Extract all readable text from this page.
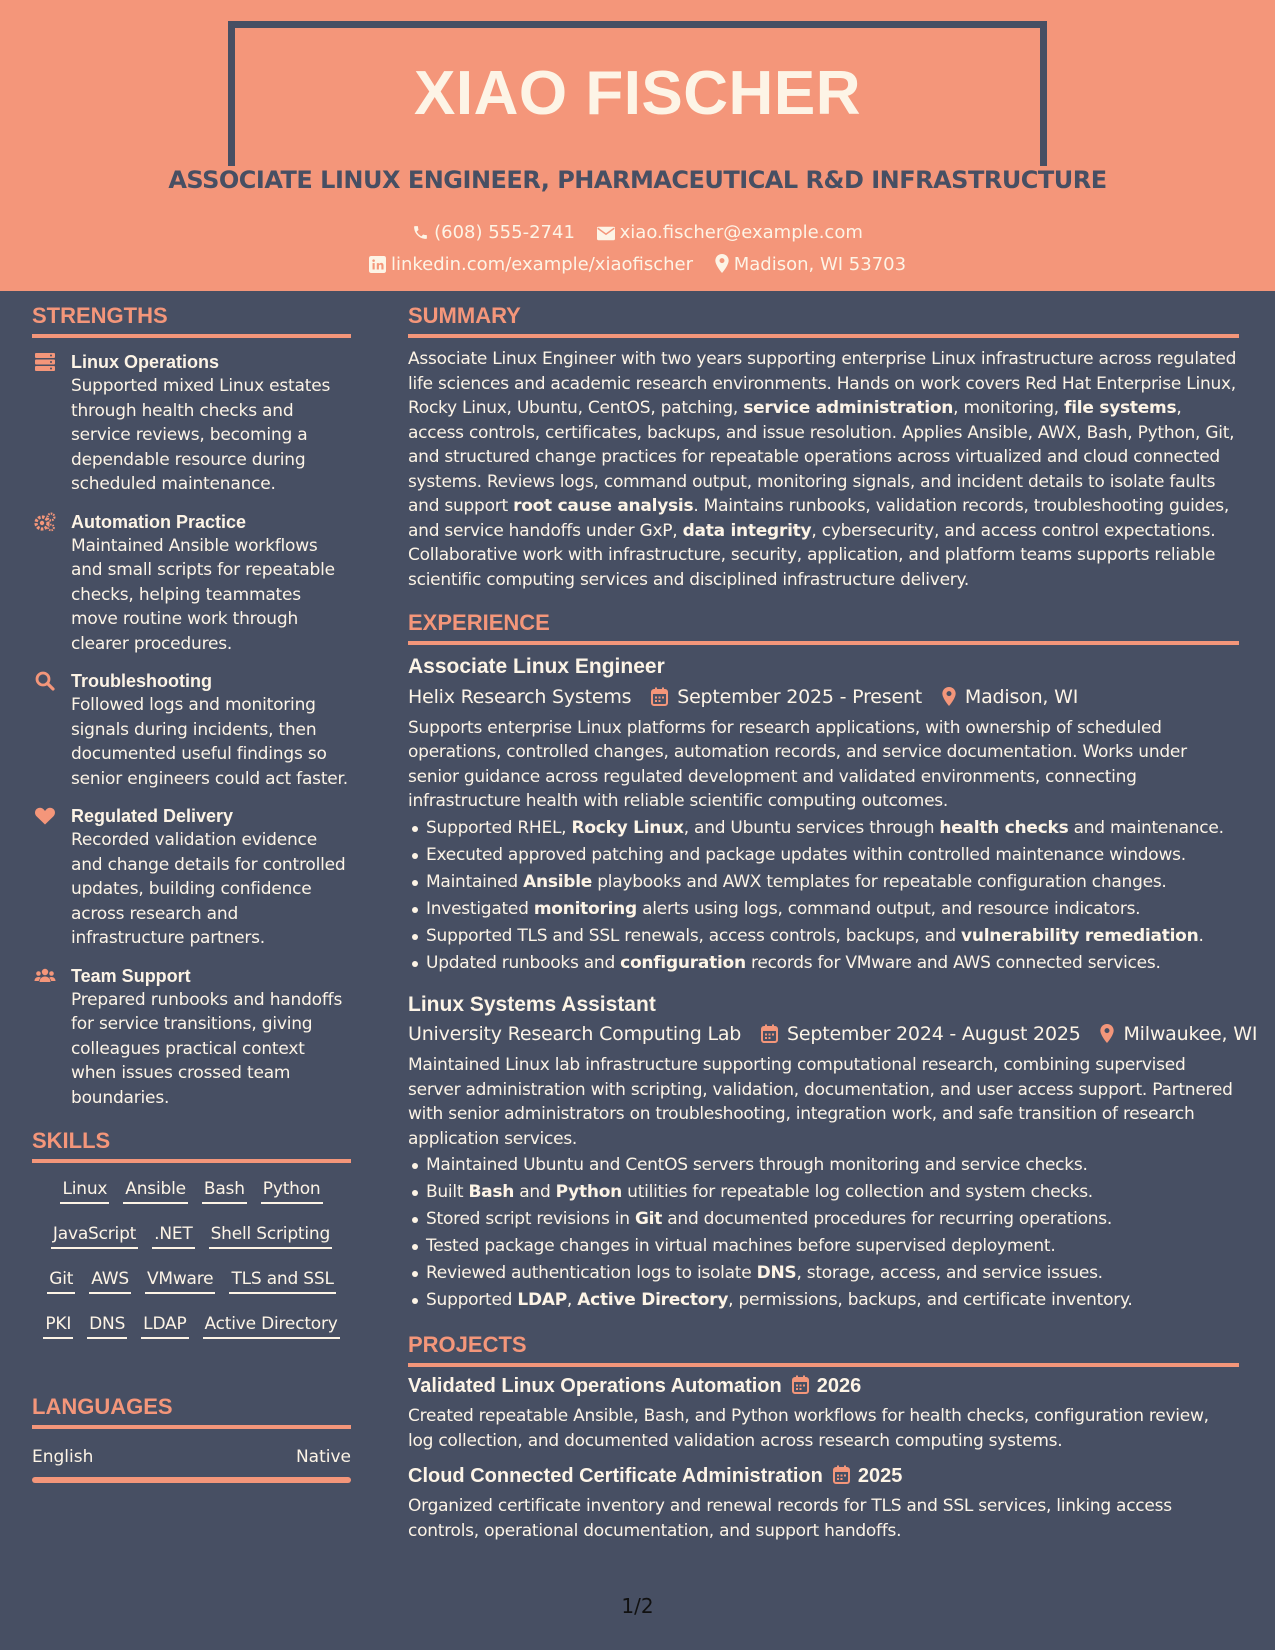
XIAO FISCHER
ASSOCIATE LINUX ENGINEER, PHARMACEUTICAL R&D INFRASTRUCTURE
(608) 555-2741 xiao.fischer@example.com
linkedin.com/example/xiaofischer Madison, WI 53703
STRENGTHS
Linux Operations
Supported mixed Linux estates through health checks and service reviews, becoming a dependable resource during scheduled maintenance.
Automation Practice
Maintained Ansible workflows and small scripts for repeatable checks, helping teammates move routine work through clearer procedures.
Troubleshooting
Followed logs and monitoring signals during incidents, then documented useful findings so senior engineers could act faster.
Regulated Delivery
Recorded validation evidence and change details for controlled updates, building confidence across research and infrastructure partners.
Team Support
Prepared runbooks and handoffs for service transitions, giving colleagues practical context when issues crossed team boundaries.
SKILLS
Linux Ansible Bash Python
JavaScript .NET Shell Scripting
Git AWS VMware TLS and SSL
PKI DNS LDAP Active Directory
LANGUAGES
English	Native
SUMMARY
Associate Linux Engineer with two years supporting enterprise Linux infrastructure across regulated life sciences and academic research environments. Hands on work covers Red Hat Enterprise Linux, Rocky Linux, Ubuntu, CentOS, patching, service administration, monitoring, file systems, access controls, certificates, backups, and issue resolution. Applies Ansible, AWX, Bash, Python, Git, and structured change practices for repeatable operations across virtualized and cloud connected systems. Reviews logs, command output, monitoring signals, and incident details to isolate faults and support root cause analysis. Maintains runbooks, validation records, troubleshooting guides, and service handoffs under GxP, data integrity, cybersecurity, and access control expectations. Collaborative work with infrastructure, security, application, and platform teams supports reliable scientific computing services and disciplined infrastructure delivery.
EXPERIENCE
Associate Linux Engineer
Helix Research Systems September 2025 - Present Madison, WI
Supports enterprise Linux platforms for research applications, with ownership of scheduled operations, controlled changes, automation records, and service documentation. Works under senior guidance across regulated development and validated environments, connecting infrastructure health with reliable scientific computing outcomes.
Supported RHEL, Rocky Linux, and Ubuntu services through health checks and maintenance.
Executed approved patching and package updates within controlled maintenance windows.
Maintained Ansible playbooks and AWX templates for repeatable configuration changes.
Investigated monitoring alerts using logs, command output, and resource indicators.
Supported TLS and SSL renewals, access controls, backups, and vulnerability remediation.
Updated runbooks and configuration records for VMware and AWS connected services.
Linux Systems Assistant
University Research Computing Lab September 2024 - August 2025 Milwaukee, WI
Maintained Linux lab infrastructure supporting computational research, combining supervised server administration with scripting, validation, documentation, and user access support. Partnered with senior administrators on troubleshooting, integration work, and safe transition of research application services.
Maintained Ubuntu and CentOS servers through monitoring and service checks.
Built Bash and Python utilities for repeatable log collection and system checks.
Stored script revisions in Git and documented procedures for recurring operations.
Tested package changes in virtual machines before supervised deployment.
Reviewed authentication logs to isolate DNS, storage, access, and service issues.
Supported LDAP, Active Directory, permissions, backups, and certificate inventory.
PROJECTS
Validated Linux Operations Automation 2026
Created repeatable Ansible, Bash, and Python workflows for health checks, configuration review, log collection, and documented validation across research computing systems.
Cloud Connected Certificate Administration 2025
Organized certificate inventory and renewal records for TLS and SSL services, linking access controls, operational documentation, and support handoffs.
1/2
